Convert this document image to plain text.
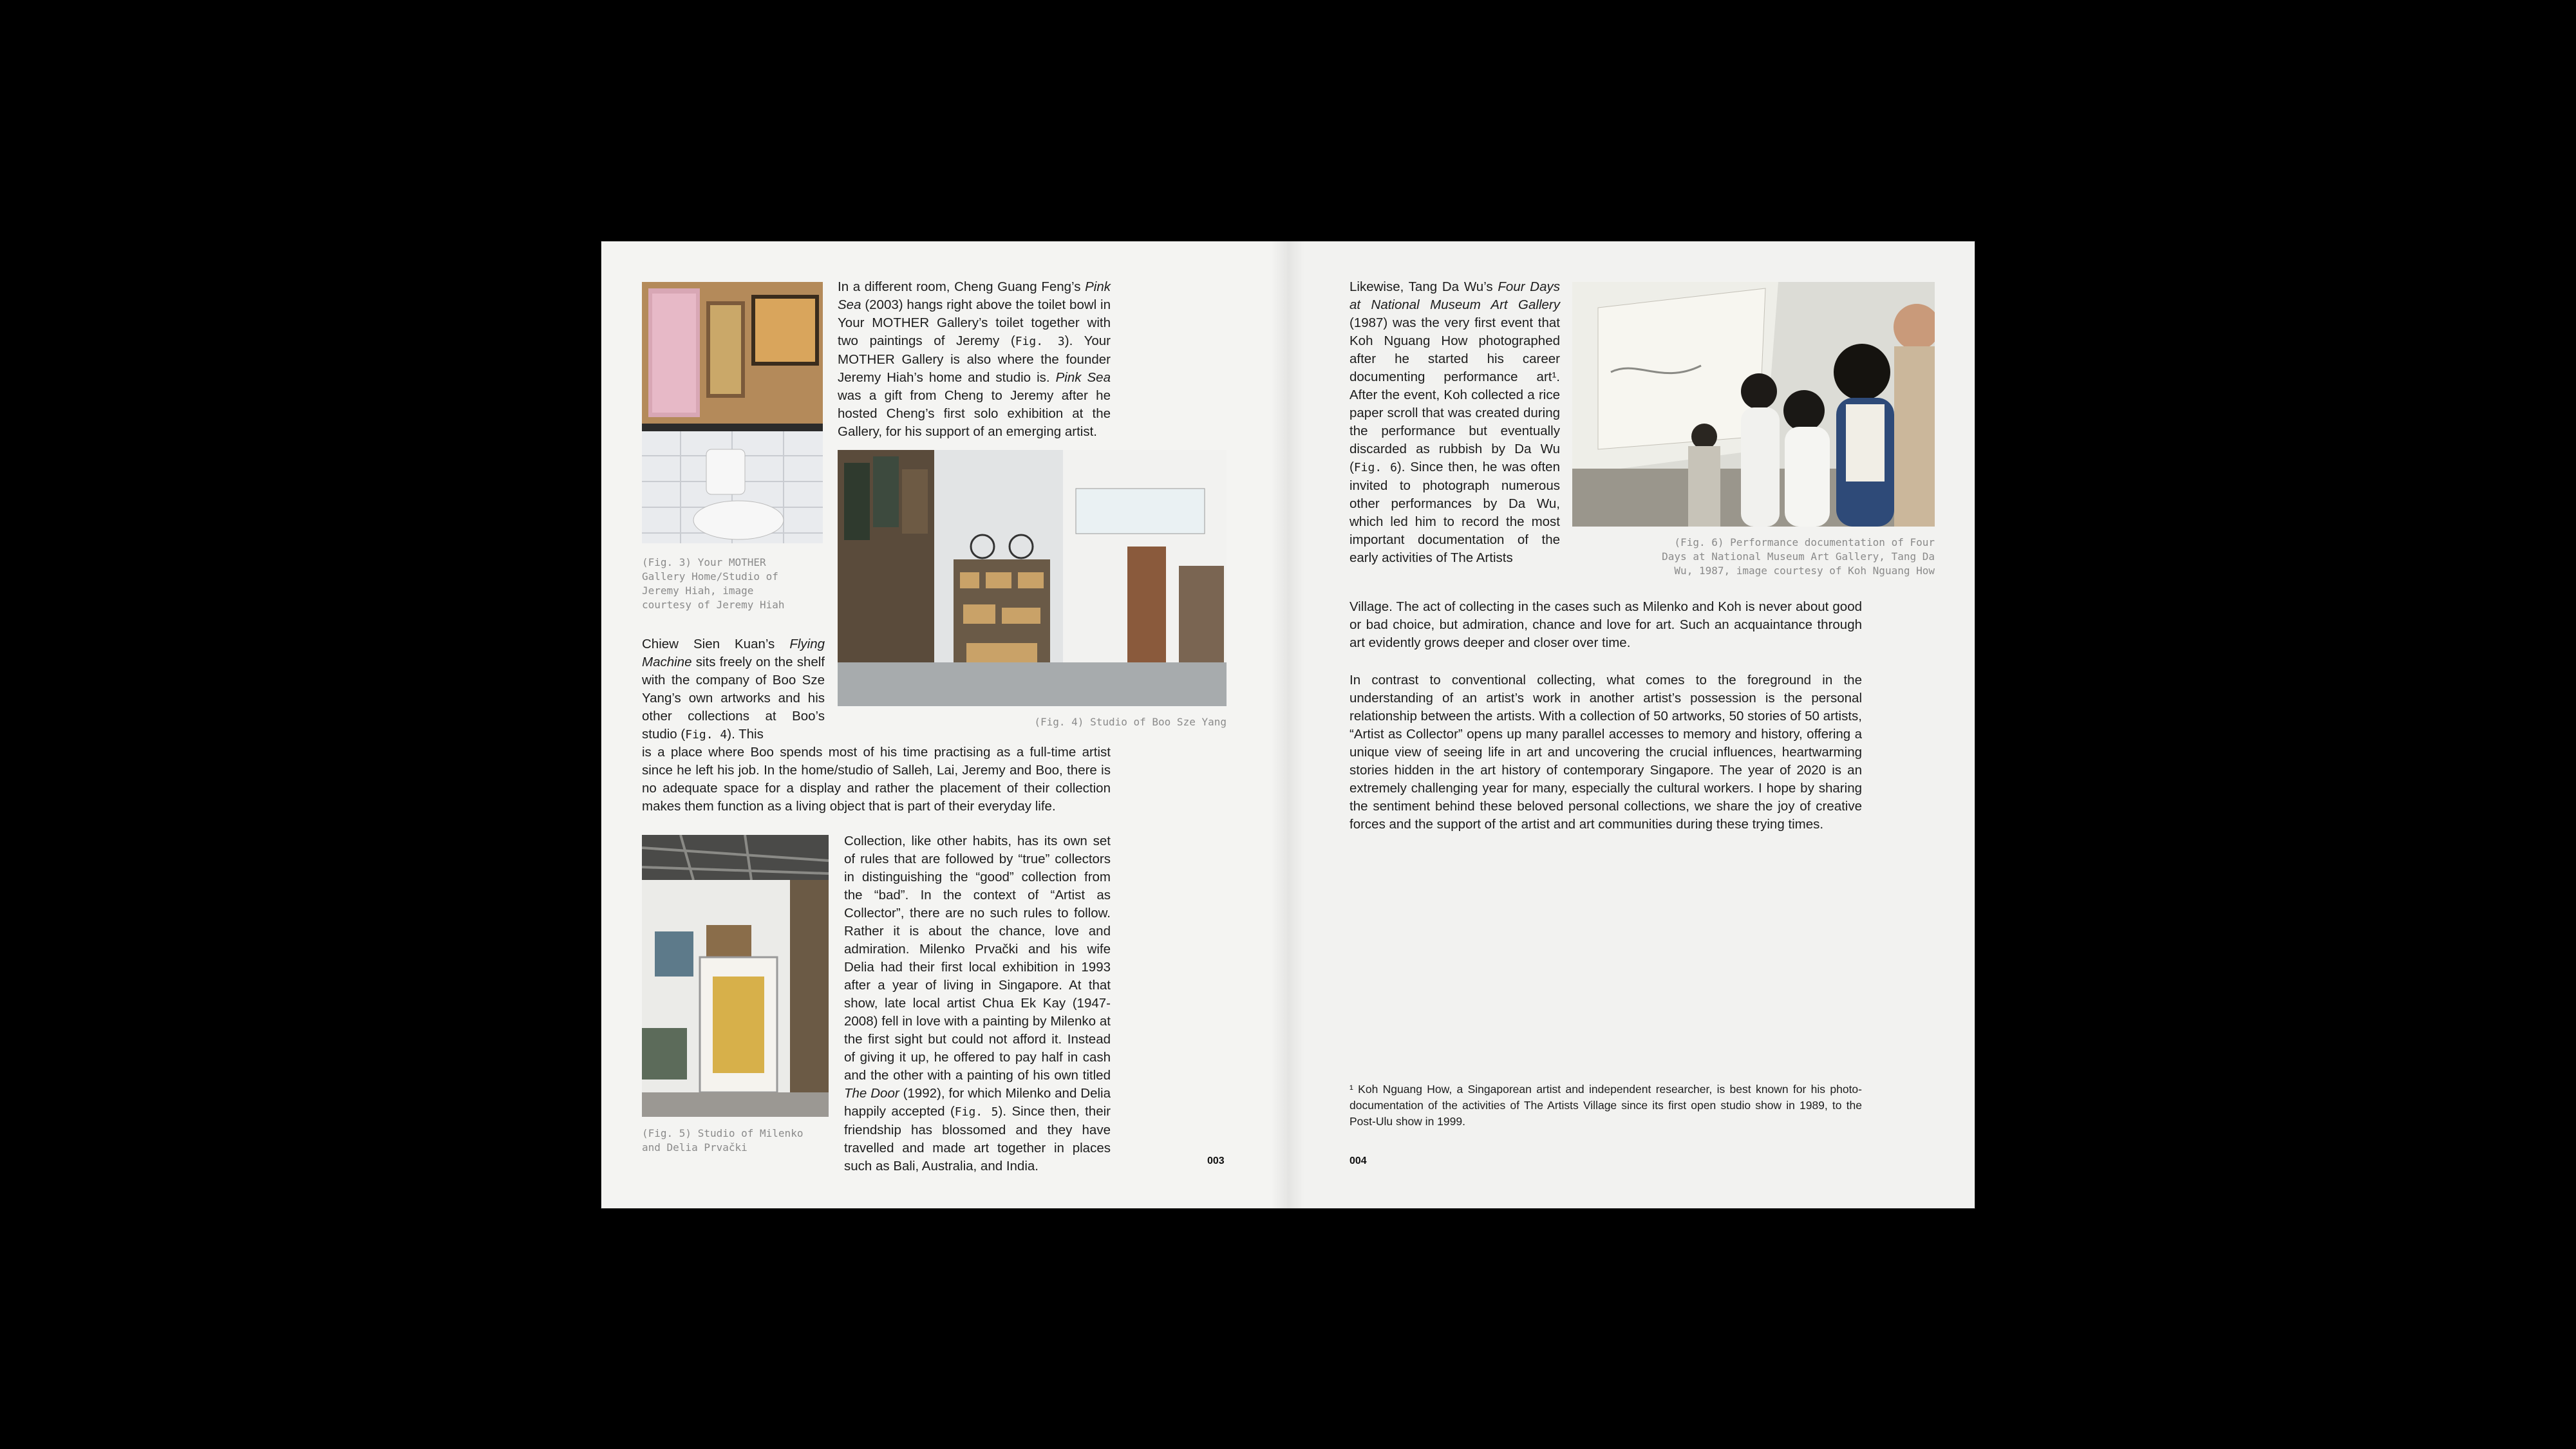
(Fig. 3) Your MOTHER Gallery Home/Studio of Jeremy Hiah, image courtesy of Jeremy Hiah

In a different room, Cheng Guang Feng’s Pink Sea (2003) hangs right above the toilet bowl in Your MOTHER Gallery’s toilet together with two paintings of Jeremy (Fig. 3). Your MOTHER Gallery is also where the founder Jeremy Hiah’s home and studio is. Pink Sea was a gift from Cheng to Jeremy after he hosted Cheng’s first solo exhibition at the Gallery, for his support of an emerging artist.

(Fig. 4) Studio of Boo Sze Yang

Chiew Sien Kuan’s Flying Machine sits freely on the shelf with the company of Boo Sze Yang’s own artworks and his other collections at Boo’s studio (Fig. 4). This

is a place where Boo spends most of his time practising as a full-time artist since he left his job. In the home/studio of Salleh, Lai, Jeremy and Boo, there is no adequate space for a display and rather the placement of their collection makes them function as a living object that is part of their everyday life.

(Fig. 5) Studio of Milenko and Delia Prvački

Collection, like other habits, has its own set of rules that are followed by “true” collectors in distinguishing the “good” collection from the “bad”. In the context of “Artist as Collector”, there are no such rules to follow. Rather it is about the chance, love and admiration. Milenko Prvački and his wife Delia had their first local exhibition in 1993 after a year of living in Singapore. At that show, late local artist Chua Ek Kay (1947-2008) fell in love with a painting by Milenko at the first sight but could not afford it. Instead of giving it up, he offered to pay half in cash and the other with a painting of his own titled The Door (1992), for which Milenko and Delia happily accepted (Fig. 5). Since then, their friendship has blossomed and they have travelled and made art together in places such as Bali, Australia, and India.	003

(Fig. 6) Performance documentation of Four Days at National Museum Art Gallery, Tang Da Wu, 1987, image courtesy of Koh Nguang How

Likewise, Tang Da Wu’s Four Days at National Museum Art Gallery (1987) was the very first event that Koh Nguang How photographed after he started his career documenting performance art¹. After the event, Koh collected a rice paper scroll that was created during the performance but eventually discarded as rubbish by Da Wu (Fig. 6). Since then, he was often invited to photograph numerous other performances by Da Wu, which led him to record the most important documentation of the early activities of The Artists

Village. The act of collecting in the cases such as Milenko and Koh is never about good or bad choice, but admiration, chance and love for art. Such an acquaintance through art evidently grows deeper and closer over time.

In contrast to conventional collecting, what comes to the foreground in the understanding of an artist’s work in another artist’s possession is the personal relationship between the artists. With a collection of 50 artworks, 50 stories of 50 artists, “Artist as Collector” opens up many parallel accesses to memory and history, offering a unique view of seeing life in art and uncovering the crucial influences, heartwarming stories hidden in the art history of contemporary Singapore. The year of 2020 is an extremely challenging year for many, especially the cultural workers. I hope by sharing the sentiment behind these beloved personal collections, we share the joy of creative forces and the support of the artist and art communities during these trying times.

¹ Koh Nguang How, a Singaporean artist and independent researcher, is best known for his photo-documentation of the activities of The Artists Village since its first open studio show in 1989, to the Post-Ulu show in 1999.

004
